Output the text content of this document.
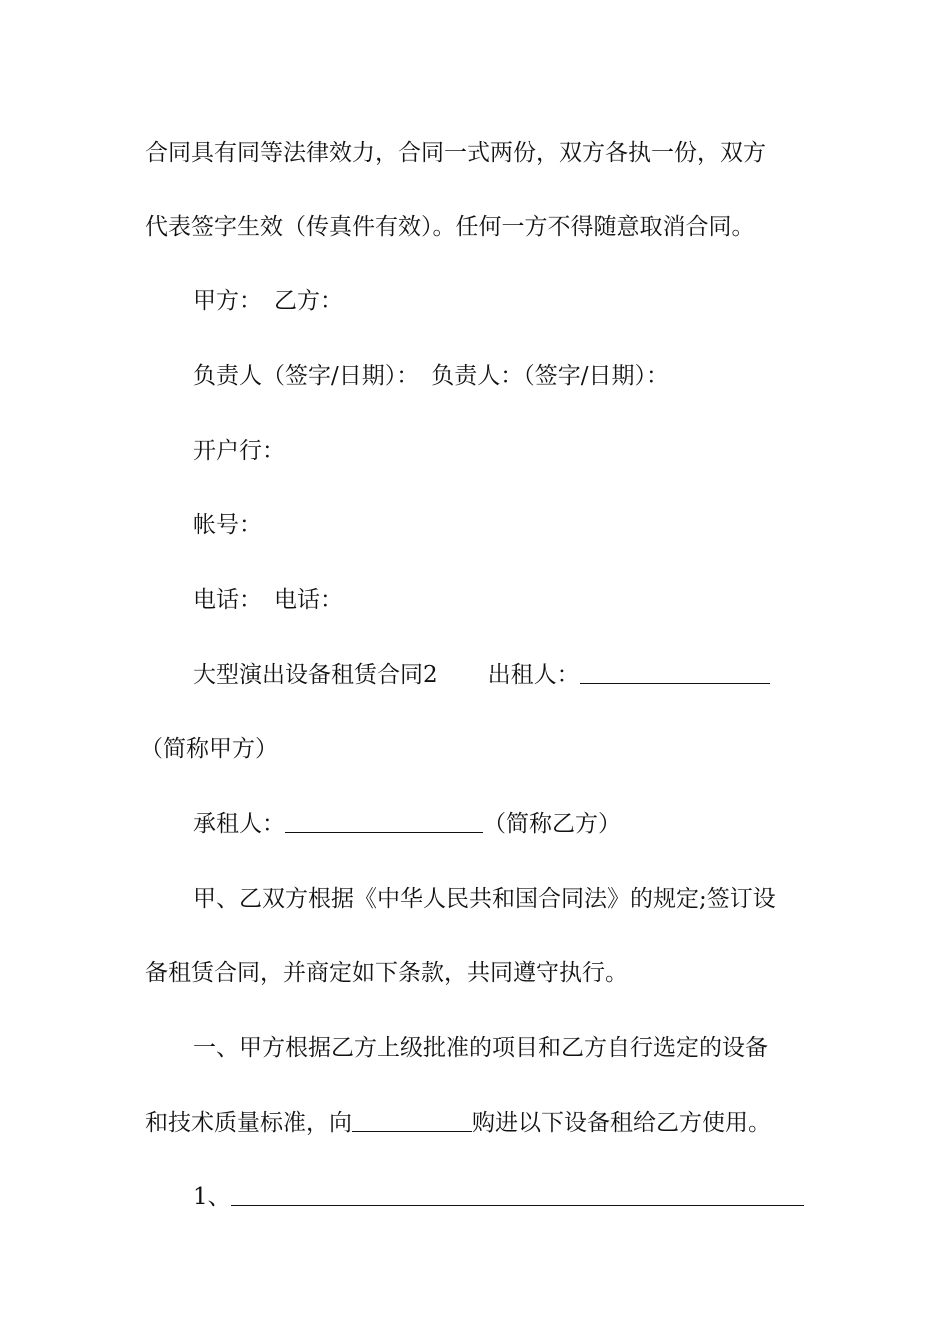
合同具有同等法律效力，合同一式两份，双方各执一份，双方
代表签字生效（传真件有效）。任何一方不得随意取消合同。
甲方： 乙方：
负责人（签字/日期）： 负责人：（签字/日期）：
开户行：
帐号：
电话： 电话：
大型演出设备租赁合同2 出租人：
（简称甲方）
承租人：	（简称乙方）
甲、乙双方根据《中华人民共和国合同法》的规定;签订设
备租赁合同，并商定如下条款，共同遵守执行。
一、甲方根据乙方上级批准的项目和乙方自行选定的设备
和技术质量标准，向	购进以下设备租给乙方使用。
1、
